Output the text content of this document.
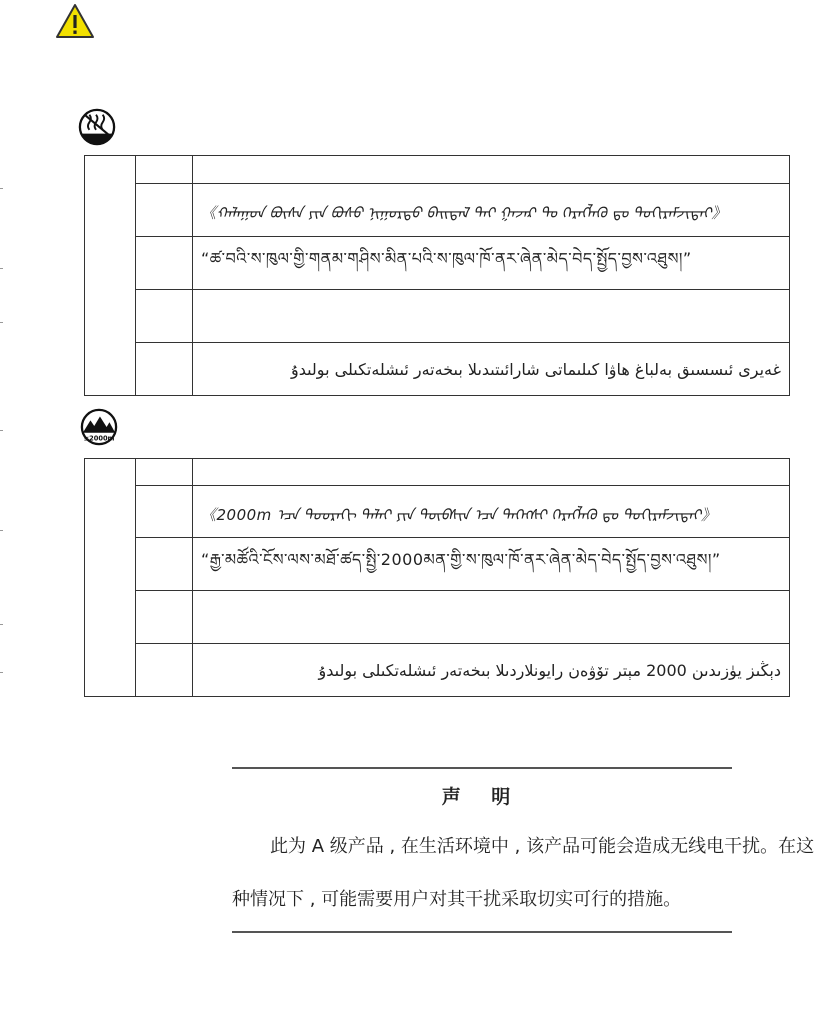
≤2000m

		《ᠬᠠᠯᠠᠭᠤᠨ ᠪᠦᠰᠡ ᠶᠢᠨ ᠪᠤᠰᠤ ᠨᠢᠭᠤᠷᠲᠤ ᠪᠠᠢᠳᠠᠯ ᠲᠠᠢ ᠭᠠᠵᠠᠷ ᠲᠤ ᠬᠡᠷᠡᠭᠯᠡᠬᠦ ᠳᠤ ᠲᠣᠬᠢᠷᠠᠮᠵᠢᠲᠠᠢ》

		“ཚ་བའི་ས་ཁུལ་གྱི་གནམ་གཤིས་མིན་པའི་ས་ཁུལ་ཁོ་ནར་ཞེན་མེད་བེད་སྤྱོད་བྱས་འཐུས།”

		غەيرى ئىسسىق بەلباغ ھاۋا كىلىماتى شارائىتىدىلا بىخەتەر ئىشلەتكىلى بولىدۇ

		《2000m ᠡᠴᠡ ᠳᠣᠣᠷᠠᠬᠢ ᠳᠠᠯᠠᠢ ᠶᠢᠨ ᠲᠥᠪᠰᠢᠨ ᠡᠴᠡ ᠳᠡᠭᠡᠭᠰᠢ ᠬᠡᠷᠡᠭᠯᠡᠬᠦ ᠳᠤ ᠲᠣᠬᠢᠷᠠᠮᠵᠢᠲᠠᠢ》

		“རྒྱ་མཚོའི་ངོས་ལས་མཐོ་ཚད་སྤྱི་2000མན་གྱི་ས་ཁུལ་ཁོ་ནར་ཞེན་མེད་བེད་སྤྱོད་བྱས་འཐུས།”

		دېڭىز يۈزىدىن 2000 مېتر تۆۋەن رايونلاردىلا بىخەتەر ئىشلەتكىلى بولىدۇ
声 明
此为 A 级产品 , 在生活环境中 , 该产品可能会造成无线电干扰。在这
种情况下 , 可能需要用户对其干扰采取切实可行的措施。
